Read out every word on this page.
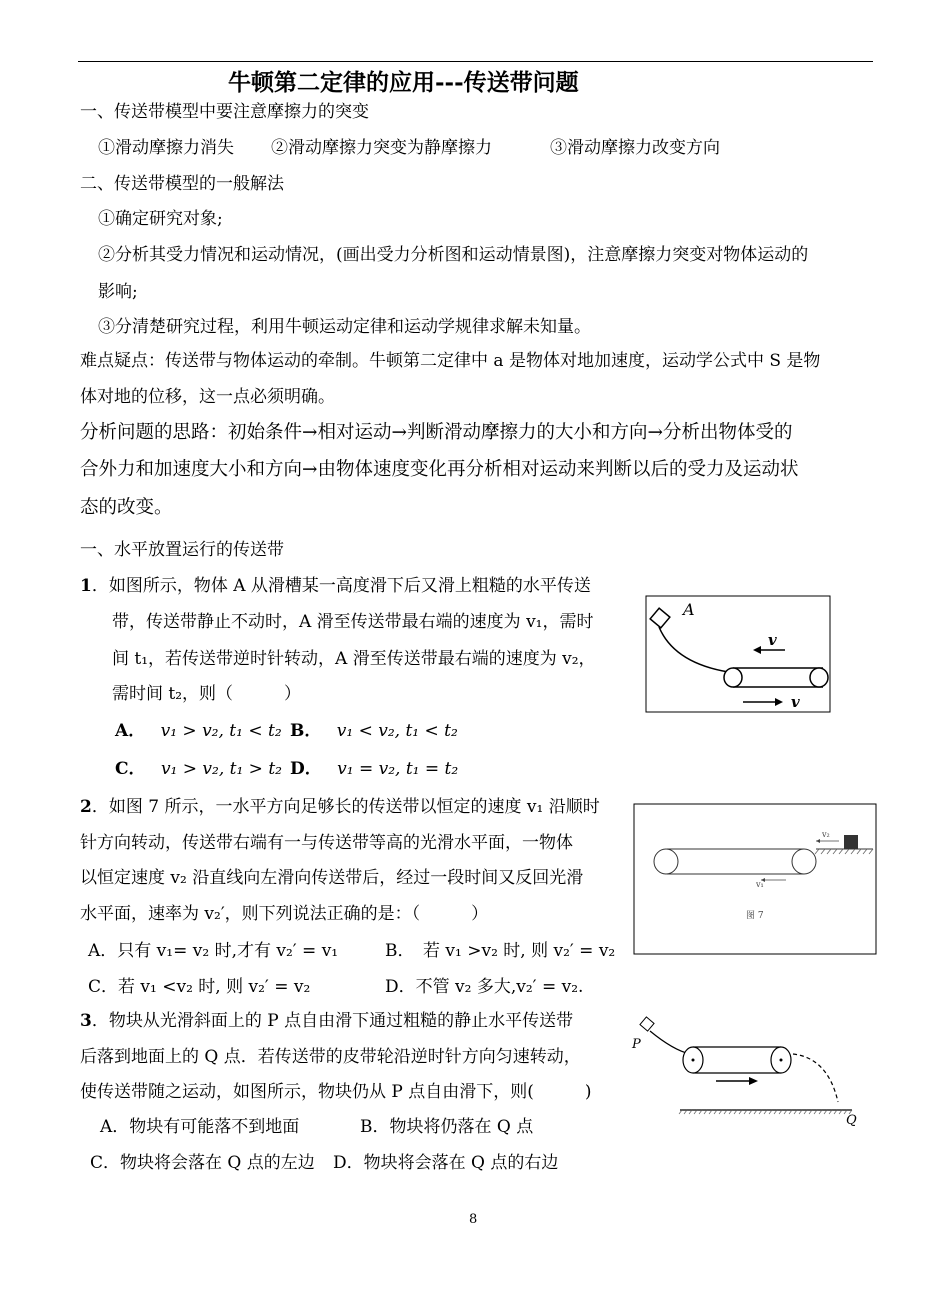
牛顿第二定律的应用---传送带问题
一、传送带模型中要注意摩擦力的突变
①滑动摩擦力消失 ②滑动摩擦力突变为静摩擦力	③滑动摩擦力改变方向
二、传送带模型的一般解法
①确定研究对象;
②分析其受力情况和运动情况，(画出受力分析图和运动情景图)，注意摩擦力突变对物体运动的
影响;
③分清楚研究过程，利用牛顿运动定律和运动学规律求解未知量。
难点疑点：传送带与物体运动的牵制。牛顿第二定律中 a 是物体对地加速度，运动学公式中 S 是物
体对地的位移，这一点必须明确。
分析问题的思路：初始条件→相对运动→判断滑动摩擦力的大小和方向→分析出物体受的
合外力和加速度大小和方向→由物体速度变化再分析相对运动来判断以后的受力及运动状
态的改变。
一、水平放置运行的传送带
1．如图所示，物体 A 从滑槽某一高度滑下后又滑上粗糙的水平传送
带，传送带静止不动时，A 滑至传送带最右端的速度为 v₁，需时
间 t₁，若传送带逆时针转动，A 滑至传送带最右端的速度为 v₂，
需时间 t₂，则（　　　）
A． v₁ > v₂, t₁ < t₂ B． v₁ < v₂, t₁ < t₂
C． v₁ > v₂, t₁ > t₂ D． v₁ = v₂, t₁ = t₂
A
v
v
2．如图 7 所示，一水平方向足够长的传送带以恒定的速度 v₁ 沿顺时
针方向转动，传送带右端有一与传送带等高的光滑水平面，一物体
以恒定速度 v₂ 沿直线向左滑向传送带后，经过一段时间又反回光滑
水平面，速率为 v₂′，则下列说法正确的是：（　　　）
A．只有 v₁= v₂ 时,才有 v₂′ = v₁	B．　若 v₁ >v₂ 时, 则 v₂′ = v₂
C．若 v₁ <v₂ 时, 则 v₂′ = v₂	D．不管 v₂ 多大,v₂′ = v₂.
v₂
v₁
图 7
3．物块从光滑斜面上的 P 点自由滑下通过粗糙的静止水平传送带
后落到地面上的 Q 点．若传送带的皮带轮沿逆时针方向匀速转动，
使传送带随之运动，如图所示，物块仍从 P 点自由滑下，则(　　　)
A．物块有可能落不到地面	B．物块将仍落在 Q 点
C．物块将会落在 Q 点的左边 D．物块将会落在 Q 点的右边
P
Q
8
